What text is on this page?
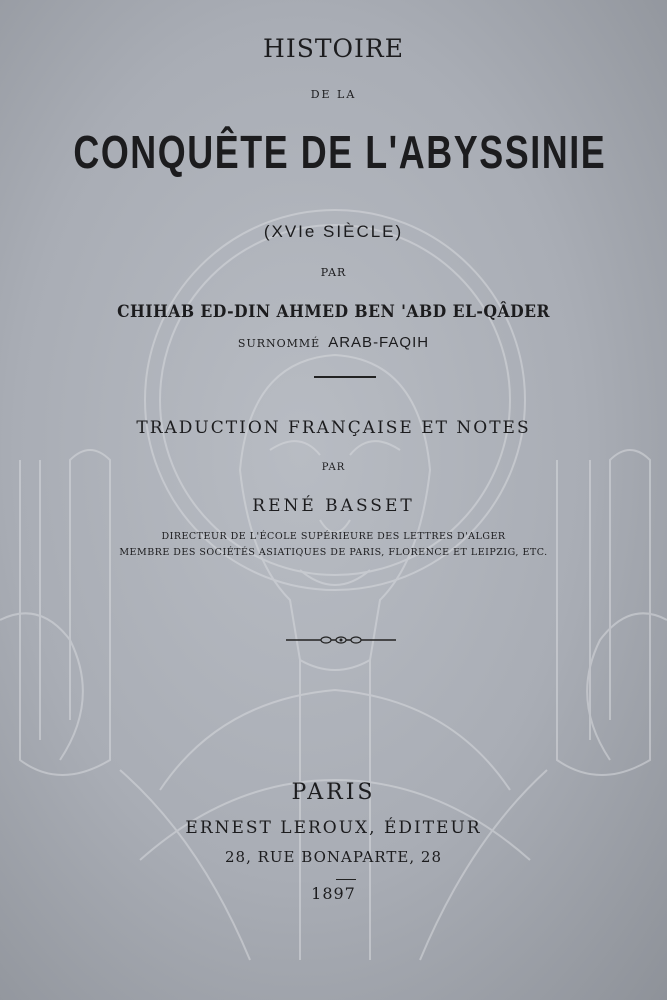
HISTOIRE
DE LA
CONQUÊTE DE L'ABYSSINIE
(XVIe SIÈCLE)
PAR
CHIHAB ED-DIN AHMED BEN 'ABD EL-QÂDER
SURNOMMÉ ARAB-FAQIH
TRADUCTION FRANÇAISE ET NOTES
PAR
RENÉ BASSET
DIRECTEUR DE L'ÉCOLE SUPÉRIEURE DES LETTRES D'ALGER
MEMBRE DES SOCIÉTÉS ASIATIQUES DE PARIS, FLORENCE ET LEIPZIG, ETC.
PARIS
ERNEST LEROUX, ÉDITEUR
28, RUE BONAPARTE, 28
1897
